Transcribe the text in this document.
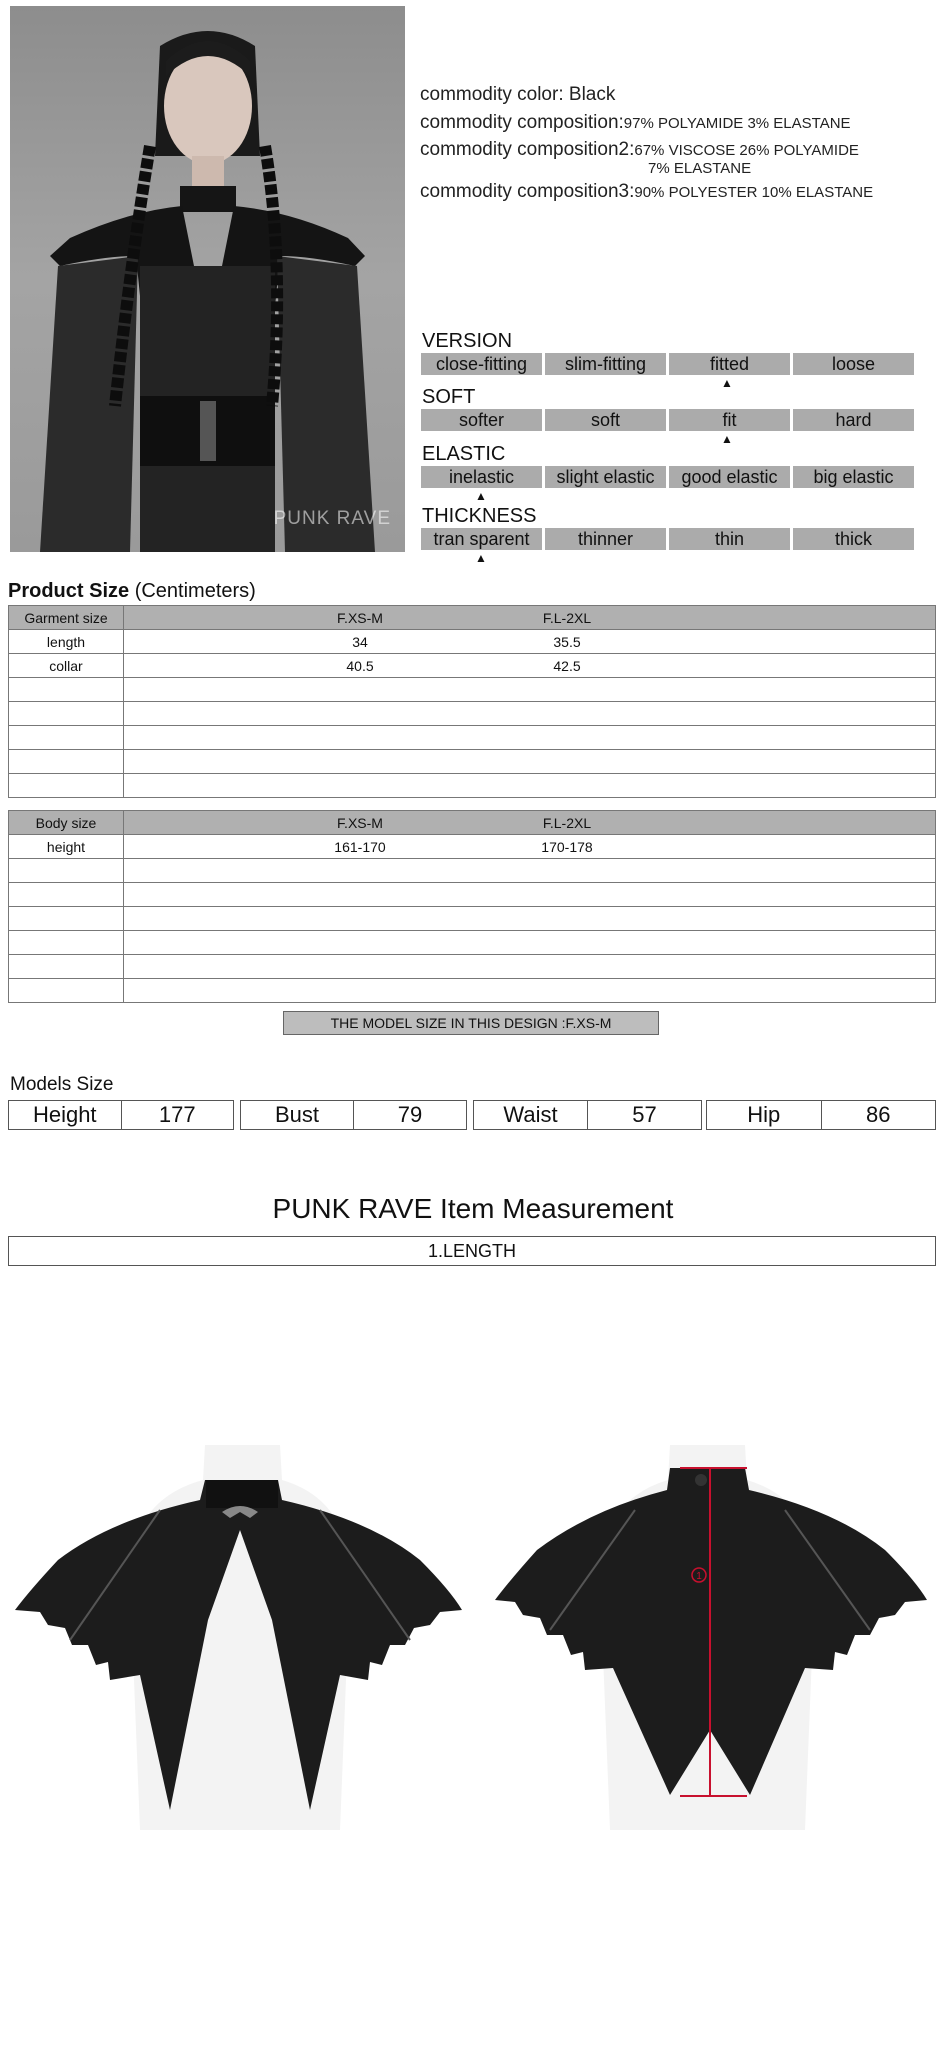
PUNK RAVE
commodity color: Black
commodity composition:97% POLYAMIDE 3% ELASTANE
commodity composition2:67% VISCOSE 26% POLYAMIDE
7% ELASTANE
commodity composition3:90% POLYESTER 10% ELASTANE
VERSION
close-fitting	slim-fitting	fitted	loose
▲
SOFT
softer	soft	fit	hard
▲
ELASTIC
inelastic	slight elastic	good elastic	big elastic
▲
THICKNESS
tran sparent	thinner	thin	thick
▲
Product Size (Centimeters)
Garment size	F.XS-M F.L-2XL

length	34 35.5

collar	40.5 42.5

Body size	F.XS-M F.L-2XL

height	161-170 170-178

THE MODEL SIZE IN THIS DESIGN :F.XS-M
Models Size
Height	177	Bust	79	Waist	57	Hip	86
PUNK RAVE Item Measurement
1.LENGTH
1
